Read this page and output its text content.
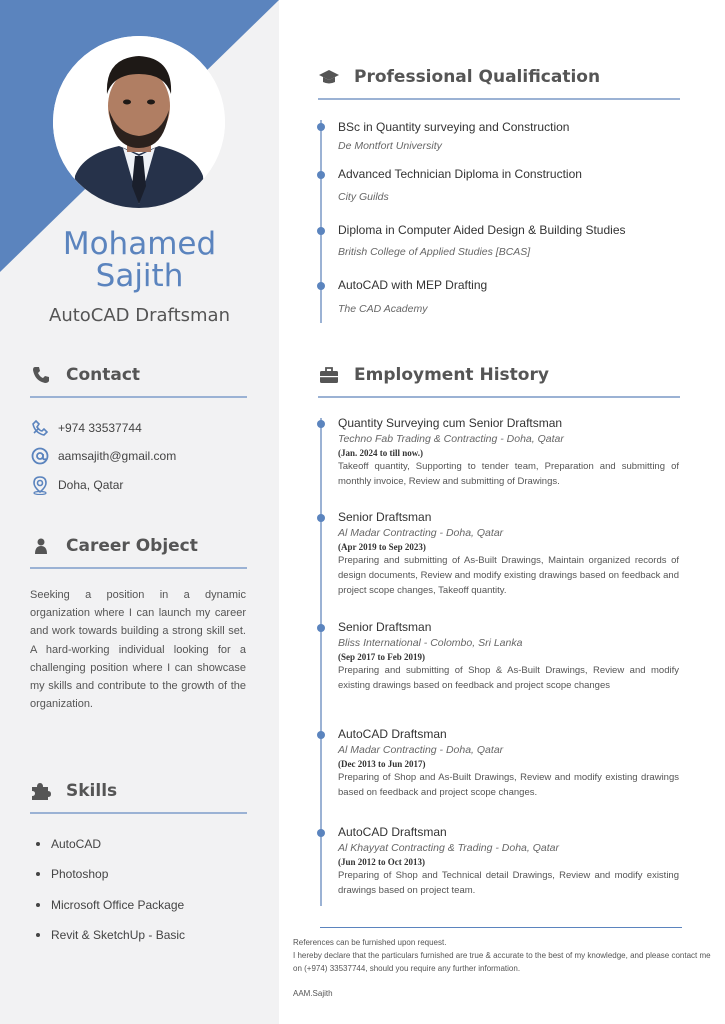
Mohamed
Sajith
AutoCAD Draftsman
Contact
+974 33537744
aamsajith@gmail.com
Doha, Qatar
Career Object
Seeking a position in a dynamic organization where I can launch my career and work towards building a strong skill set. A hard-working individual looking for a challenging position where I can showcase my skills and contribute to the growth of the organization.
Skills
AutoCAD
Photoshop
Microsoft Office Package
Revit & SketchUp - Basic
Professional Qualification
BSc in Quantity surveying and Construction
De Montfort University
Advanced Technician Diploma in Construction
City Guilds
Diploma in Computer Aided Design & Building Studies
British College of Applied Studies [BCAS]
AutoCAD with MEP Drafting
The CAD Academy
Employment History
Quantity Surveying cum Senior Draftsman
Techno Fab Trading & Contracting - Doha, Qatar
(Jan. 2024 to till now.)
Takeoff quantity, Supporting to tender team, Preparation and submitting of monthly invoice, Review and submitting of Drawings.
Senior Draftsman
Al Madar Contracting - Doha, Qatar
(Apr 2019 to Sep 2023)
Preparing and submitting of As-Built Drawings, Maintain organized records of design documents, Review and modify existing drawings based on feedback and project scope changes, Takeoff quantity.
Senior Draftsman
Bliss International - Colombo, Sri Lanka
(Sep 2017 to Feb 2019)
Preparing and submitting of Shop & As-Built Drawings, Review and modify existing drawings based on feedback and project scope changes
AutoCAD Draftsman
Al Madar Contracting - Doha, Qatar
(Dec 2013 to Jun 2017)
Preparing of Shop and As-Built Drawings, Review and modify existing drawings based on feedback and project scope changes.
AutoCAD Draftsman
Al Khayyat Contracting & Trading - Doha, Qatar
(Jun 2012 to Oct 2013)
Preparing of Shop and Technical detail Drawings, Review and modify existing drawings based on project team.
References can be furnished upon request.
I hereby declare that the particulars furnished are true & accurate to the best of my knowledge, and please contact me on (+974) 33537744, should you require any further information.
AAM.Sajith
